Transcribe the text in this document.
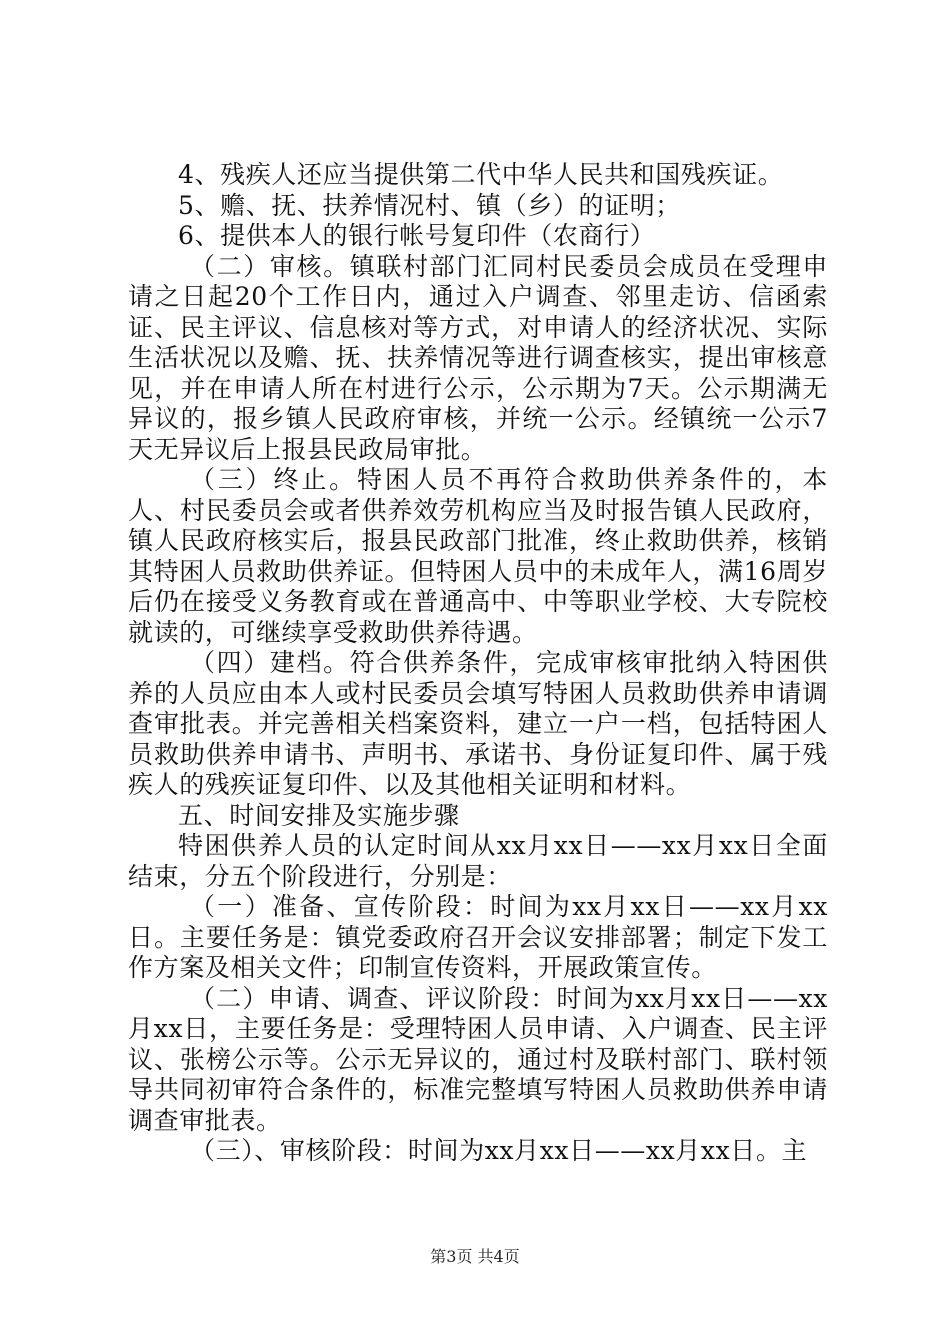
4、残疾人还应当提供第二代中华人民共和国残疾证。

5、赡、抚、扶养情况村、镇（乡）的证明；

6、提供本人的银行帐号复印件（农商行）

（二）审核。镇联村部门汇同村民委员会成员在受理申请之日起20个工作日内，通过入户调查、邻里走访、信函索证、民主评议、信息核对等方式，对申请人的经济状况、实际生活状况以及赡、抚、扶养情况等进行调查核实，提出审核意见，并在申请人所在村进行公示，公示期为7天。公示期满无异议的，报乡镇人民政府审核，并统一公示。经镇统一公示7天无异议后上报县民政局审批。

（三）终止。特困人员不再符合救助供养条件的，本人、村民委员会或者供养效劳机构应当及时报告镇人民政府，镇人民政府核实后，报县民政部门批准，终止救助供养，核销其特困人员救助供养证。但特困人员中的未成年人，满16周岁后仍在接受义务教育或在普通高中、中等职业学校、大专院校就读的，可继续享受救助供养待遇。

（四）建档。符合供养条件，完成审核审批纳入特困供养的人员应由本人或村民委员会填写特困人员救助供养申请调查审批表。并完善相关档案资料，建立一户一档，包括特困人员救助供养申请书、声明书、承诺书、身份证复印件、属于残疾人的残疾证复印件、以及其他相关证明和材料。

五、时间安排及实施步骤

特困供养人员的认定时间从xx月xx日——xx月xx日全面结束，分五个阶段进行，分别是：

（一）准备、宣传阶段：时间为xx月xx日——xx月xx日。主要任务是：镇党委政府召开会议安排部署；制定下发工作方案及相关文件；印制宣传资料，开展政策宣传。

（二）申请、调查、评议阶段：时间为xx月xx日——xx月xx日，主要任务是：受理特困人员申请、入户调查、民主评议、张榜公示等。公示无异议的，通过村及联村部门、联村领导共同初审符合条件的，标准完整填写特困人员救助供养申请调查审批表。

（三）、审核阶段：时间为xx月xx日——xx月xx日。主

第3页 共4页
